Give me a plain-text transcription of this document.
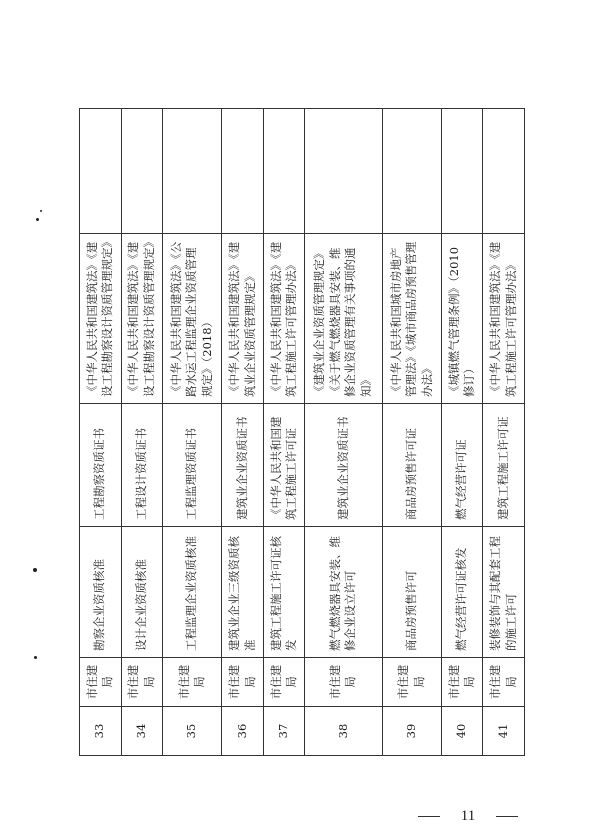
33	市住建局	勘察企业资质核准	工程勘察资质证书	《中华人民共和国建筑法》《建设工程勘察设计资质管理规定》	
34	市住建局	设计企业资质核准	工程设计资质证书	《中华人民共和国建筑法》《建设工程勘察设计资质管理规定》	
35	市住建局	工程监理企业资质核准	工程监理资质证书	《中华人民共和国建筑法》《公路水运工程监理企业资质管理规定》（2018）	
36	市住建局	建筑业企业三级资质核准	建筑业企业资质证书	《中华人民共和国建筑法》《建筑业企业资质管理规定》	
37	市住建局	建筑工程施工许可证核发	《中华人民共和国建筑工程施工许可证	《中华人民共和国建筑法》《建筑工程施工许可管理办法》	
38	市住建局	燃气燃烧器具安装、维修企业设立许可	建筑业企业资质证书	《建筑业企业资质管理规定》《关于燃气燃烧器具安装、维修企业资质管理有关事项的通知》	
39	市住建局	商品房预售许可	商品房预售许可证	《中华人民共和国城市房地产管理法》《城市商品房预售管理办法》	
40	市住建局	燃气经营许可证核发	燃气经营许可证	《城镇燃气管理条例》（2010修订）	
41	市住建局	装修装饰与其配套工程的施工许可	建筑工程施工许可证	《中华人民共和国建筑法》《建筑工程施工许可管理办法》	
11
